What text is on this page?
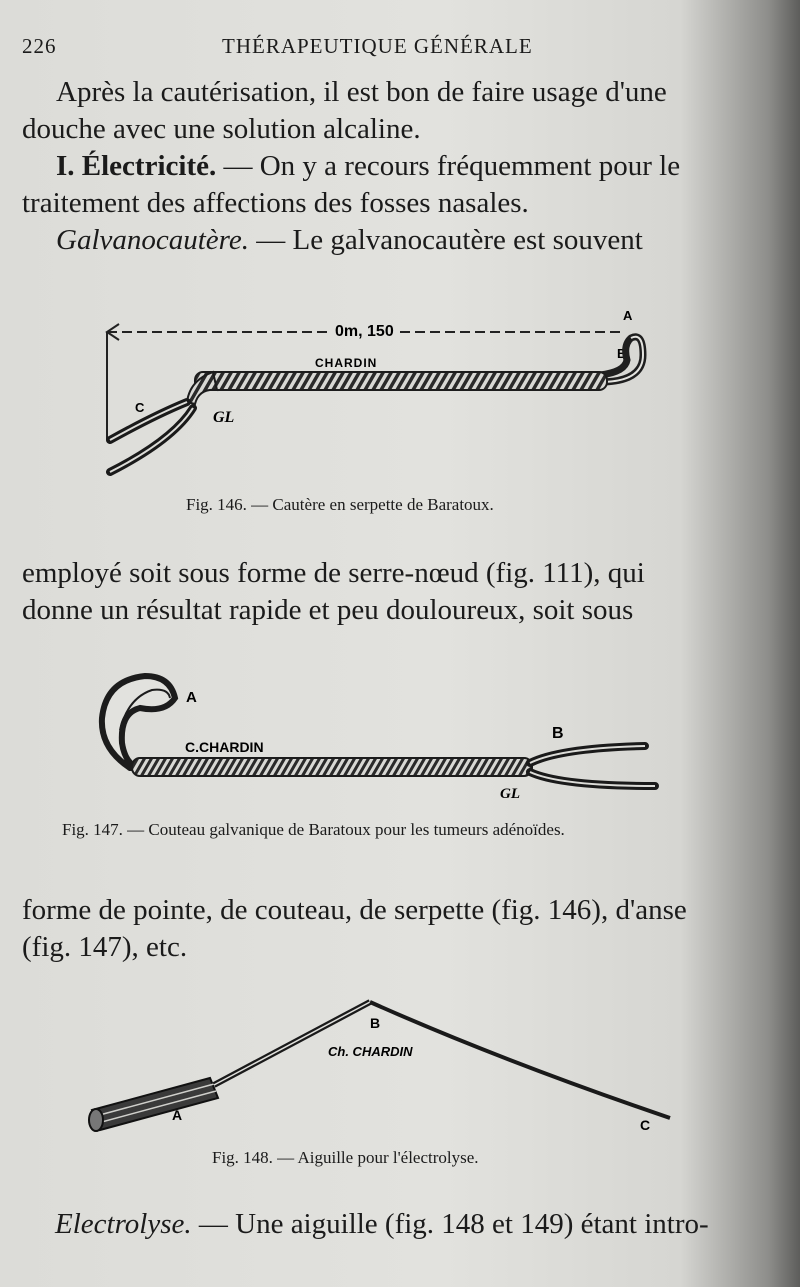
226	THÉRAPEUTIQUE GÉNÉRALE
Après la cautérisation, il est bon de faire usage d'une
douche avec une solution alcaline.
I. Électricité. — On y a recours fréquemment pour le
traitement des affections des fosses nasales.
Galvanocautère. — Le galvanocautère est souvent
0m, 150
A
B
CHARDIN
C
GL
Fig. 146. — Cautère en serpette de Baratoux.
employé soit sous forme de serre-nœud (fig. 111), qui
donne un résultat rapide et peu douloureux, soit sous
A
C.CHARDIN
B
GL
Fig. 147. — Couteau galvanique de Baratoux pour les tumeurs adénoïdes.
forme de pointe, de couteau, de serpette (fig. 146), d'anse
(fig. 147), etc.
B
Ch. CHARDIN
A
C
Fig. 148. — Aiguille pour l'électrolyse.
Electrolyse. — Une aiguille (fig. 148 et 149) étant intro-
